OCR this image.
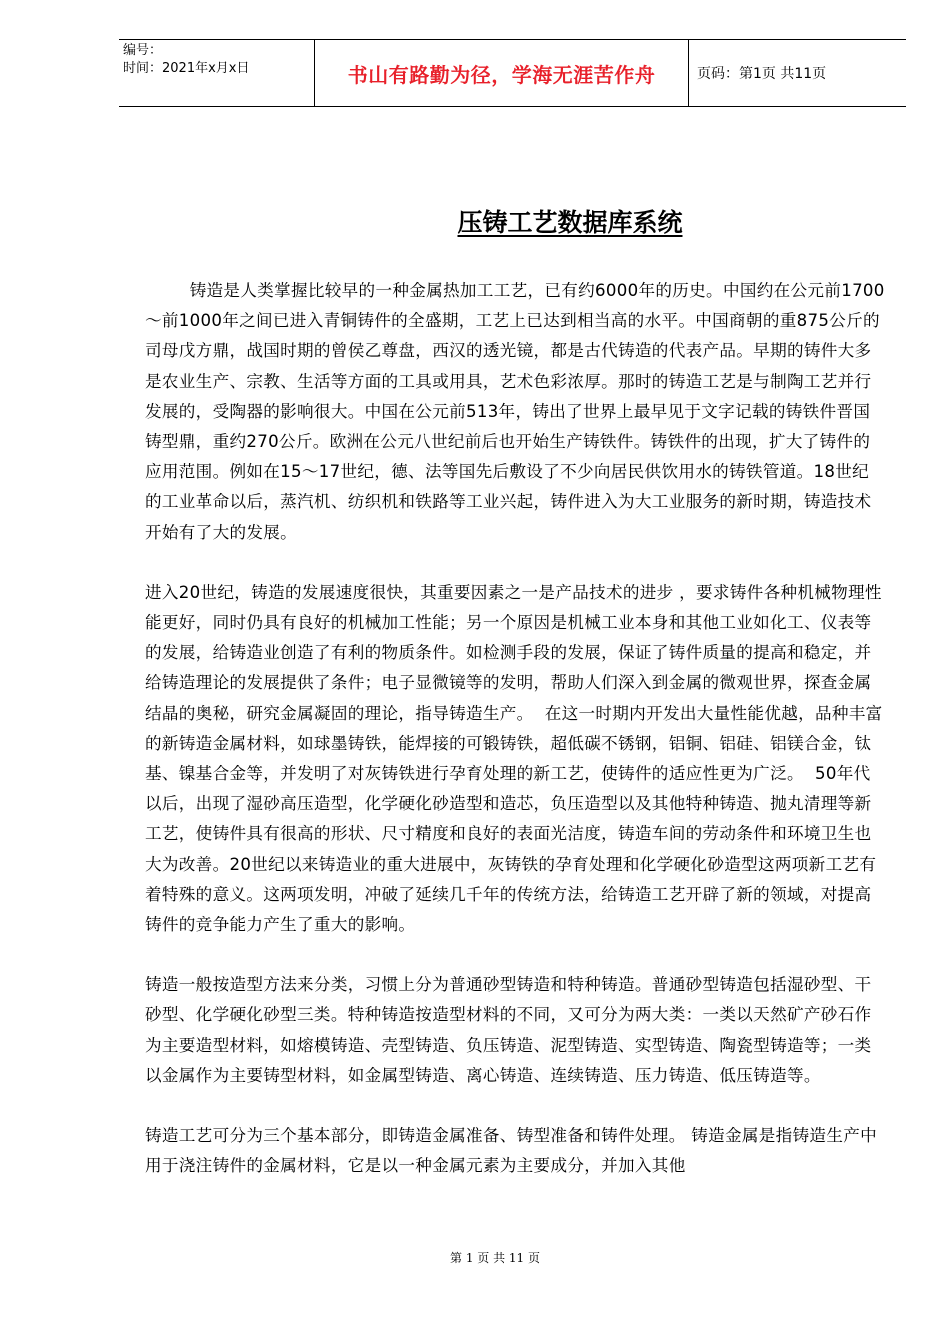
编号：
时间：2021年x月x日	书山有路勤为径，学海无涯苦作舟	页码：第1页 共11页
压铸工艺数据库系统

铸造是人类掌握比较早的一种金属热加工工艺，已有约6000年的历史。中国约在公元前1700～前1000年之间已进入青铜铸件的全盛期，工艺上已达到相当高的水平。中国商朝的重875公斤的司母戊方鼎，战国时期的曾侯乙尊盘，西汉的透光镜，都是古代铸造的代表产品。早期的铸件大多是农业生产、宗教、生活等方面的工具或用具，艺术色彩浓厚。那时的铸造工艺是与制陶工艺并行发展的，受陶器的影响很大。中国在公元前513年，铸出了世界上最早见于文字记载的铸铁件晋国铸型鼎，重约270公斤。欧洲在公元八世纪前后也开始生产铸铁件。铸铁件的出现，扩大了铸件的应用范围。例如在15～17世纪，德、法等国先后敷设了不少向居民供饮用水的铸铁管道。18世纪的工业革命以后，蒸汽机、纺织机和铁路等工业兴起，铸件进入为大工业服务的新时期，铸造技术开始有了大的发展。

进入20世纪，铸造的发展速度很快，其重要因素之一是产品技术的进步 ，要求铸件各种机械物理性能更好，同时仍具有良好的机械加工性能；另一个原因是机械工业本身和其他工业如化工、仪表等的发展，给铸造业创造了有利的物质条件。如检测手段的发展，保证了铸件质量的提高和稳定，并给铸造理论的发展提供了条件；电子显微镜等的发明，帮助人们深入到金属的微观世界，探查金属结晶的奥秘，研究金属凝固的理论，指导铸造生产。  在这一时期内开发出大量性能优越，品种丰富的新铸造金属材料，如球墨铸铁，能焊接的可锻铸铁，超低碳不锈钢，铝铜、铝硅、铝镁合金，钛基、镍基合金等，并发明了对灰铸铁进行孕育处理的新工艺，使铸件的适应性更为广泛。  50年代以后，出现了湿砂高压造型，化学硬化砂造型和造芯，负压造型以及其他特种铸造、抛丸清理等新工艺，使铸件具有很高的形状、尺寸精度和良好的表面光洁度，铸造车间的劳动条件和环境卫生也大为改善。20世纪以来铸造业的重大进展中，灰铸铁的孕育处理和化学硬化砂造型这两项新工艺有着特殊的意义。这两项发明，冲破了延续几千年的传统方法，给铸造工艺开辟了新的领域，对提高铸件的竞争能力产生了重大的影响。

铸造一般按造型方法来分类，习惯上分为普通砂型铸造和特种铸造。普通砂型铸造包括湿砂型、干砂型、化学硬化砂型三类。特种铸造按造型材料的不同，又可分为两大类：一类以天然矿产砂石作为主要造型材料，如熔模铸造、壳型铸造、负压铸造、泥型铸造、实型铸造、陶瓷型铸造等；一类以金属作为主要铸型材料，如金属型铸造、离心铸造、连续铸造、压力铸造、低压铸造等。

铸造工艺可分为三个基本部分，即铸造金属准备、铸型准备和铸件处理。 铸造金属是指铸造生产中用于浇注铸件的金属材料，它是以一种金属元素为主要成分，并加入其他

第 1 页 共 11 页
